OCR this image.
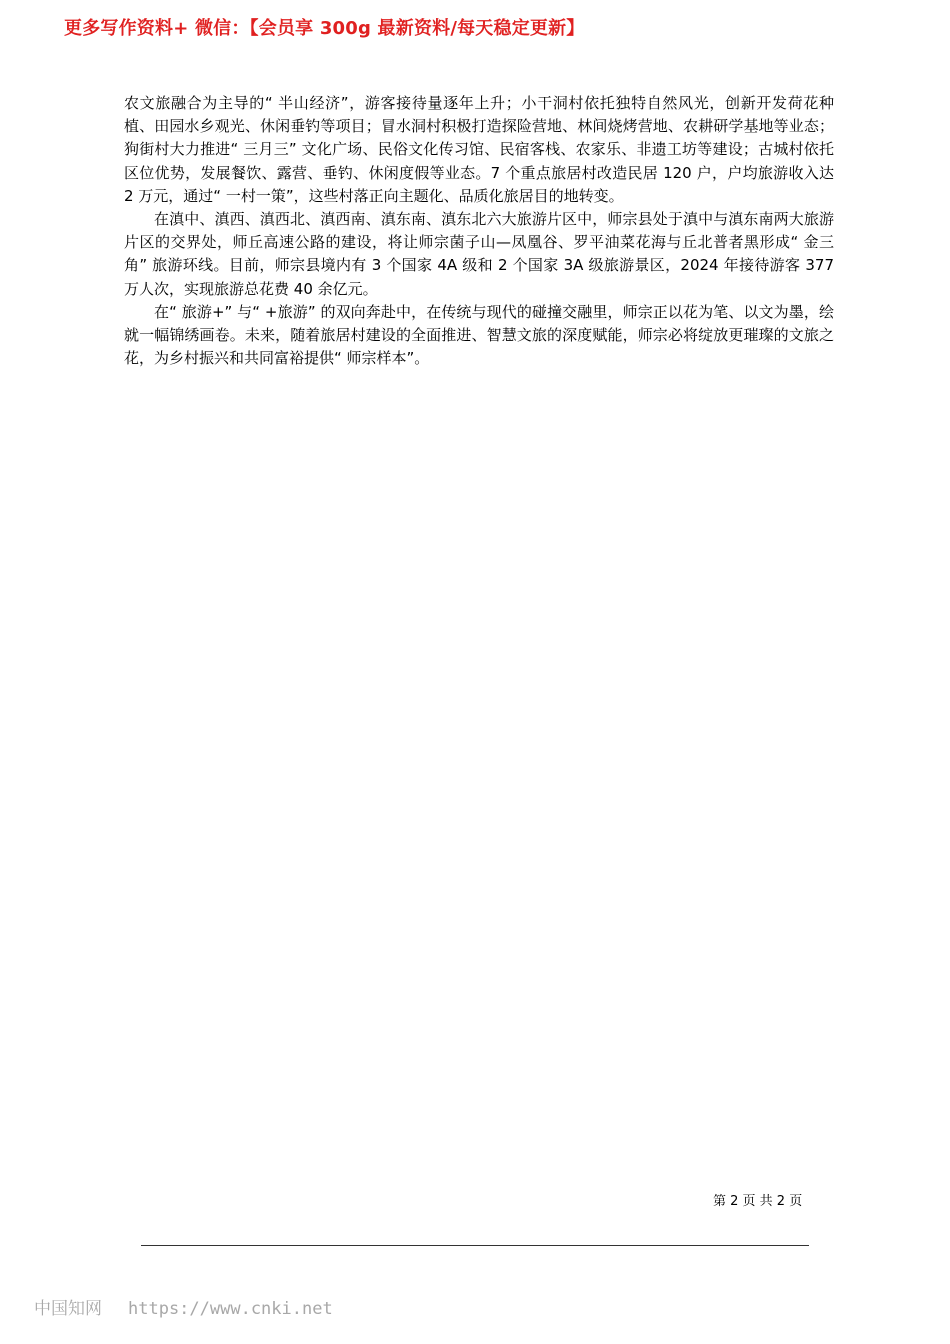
更多写作资料+ 微信：【会员享 300g 最新资料/每天稳定更新】

农文旅融合为主导的“ 半山经济”，游客接待量逐年上升；小干洞村依托独特自然风光，创新开发荷花种植、田园水乡观光、休闲垂钓等项目；冒水洞村积极打造探险营地、林间烧烤营地、农耕研学基地等业态；狗街村大力推进“ 三月三” 文化广场、民俗文化传习馆、民宿客栈、农家乐、非遗工坊等建设；古城村依托区位优势，发展餐饮、露营、垂钓、休闲度假等业态。7 个重点旅居村改造民居 120 户，户均旅游收入达 2 万元，通过“ 一村一策”，这些村落正向主题化、品质化旅居目的地转变。

在滇中、滇西、滇西北、滇西南、滇东南、滇东北六大旅游片区中，师宗县处于滇中与滇东南两大旅游片区的交界处，师丘高速公路的建设，将让师宗菌子山—凤凰谷、罗平油菜花海与丘北普者黑形成“ 金三角” 旅游环线。目前，师宗县境内有 3 个国家 4A 级和 2 个国家 3A 级旅游景区，2024 年接待游客 377 万人次，实现旅游总花费 40 余亿元。

在“ 旅游+” 与“ +旅游” 的双向奔赴中，在传统与现代的碰撞交融里，师宗正以花为笔、以文为墨，绘就一幅锦绣画卷。未来，随着旅居村建设的全面推进、智慧文旅的深度赋能，师宗必将绽放更璀璨的文旅之花，为乡村振兴和共同富裕提供“ 师宗样本”。

第 2 页 共 2 页
中国知网 https://www.cnki.net
